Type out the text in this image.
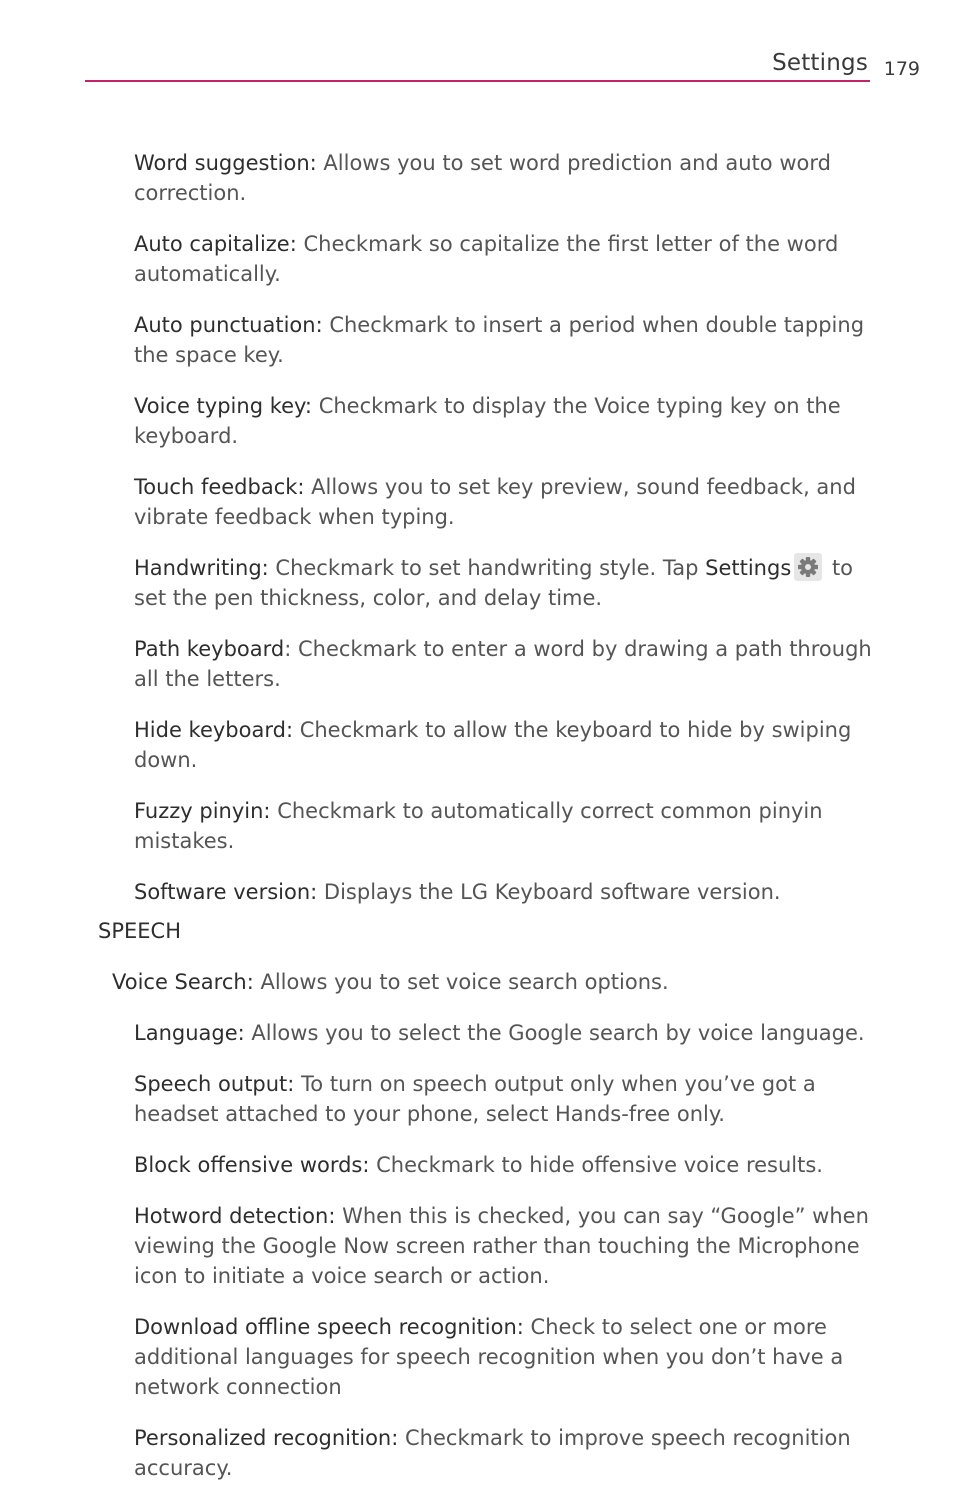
Settings 179

Word suggestion: Allows you to set word prediction and auto word correction.

Auto capitalize: Checkmark so capitalize the first letter of the word automatically.

Auto punctuation: Checkmark to insert a period when double tapping the space key.

Voice typing key: Checkmark to display the Voice typing key on the keyboard.

Touch feedback: Allows you to set key preview, sound feedback, and vibrate feedback when typing.

Handwriting: Checkmark to set handwriting style. Tap Settings to set the pen thickness, color, and delay time.

Path keyboard: Checkmark to enter a word by drawing a path through all the letters.

Hide keyboard: Checkmark to allow the keyboard to hide by swiping down.

Fuzzy pinyin: Checkmark to automatically correct common pinyin mistakes.

Software version: Displays the LG Keyboard software version.

SPEECH

Voice Search: Allows you to set voice search options.

Language: Allows you to select the Google search by voice language.

Speech output: To turn on speech output only when you’ve got a headset attached to your phone, select Hands-free only.

Block offensive words: Checkmark to hide offensive voice results.

Hotword detection: When this is checked, you can say “Google” when viewing the Google Now screen rather than touching the Microphone icon to initiate a voice search or action.

Download offline speech recognition: Check to select one or more additional languages for speech recognition when you don’t have a network connection

Personalized recognition: Checkmark to improve speech recognition accuracy.
